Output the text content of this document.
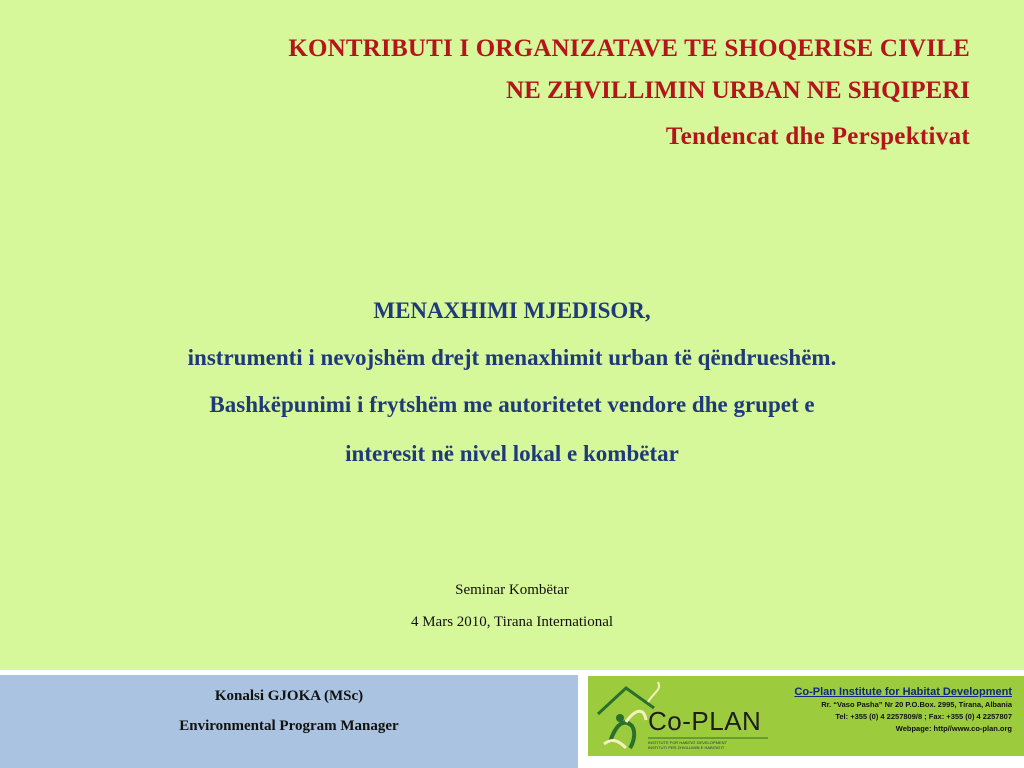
KONTRIBUTI I ORGANIZATAVE TE SHOQERISE CIVILE
NE ZHVILLIMIN URBAN NE SHQIPERI
Tendencat dhe Perspektivat
MENAXHIMI MJEDISOR,
instrumenti i nevojshëm drejt menaxhimit urban të qëndrueshëm.
Bashkëpunimi i frytshëm me autoritetet vendore dhe grupet e
interesit në nivel lokal e kombëtar
Seminar Kombëtar
4 Mars 2010, Tirana International
Konalsi GJOKA (MSc)
Environmental Program Manager	Co-PLAN
INSTITUTE FOR HABITAT DEVELOPMENT
INSTITUTI PER ZHVILLIMIN E HABITATIT
Co-Plan Institute for Habitat Development
Rr. “Vaso Pasha” Nr 20 P.O.Box. 2995, Tirana, Albania
Tel: +355 (0) 4 2257809/8 ; Fax: +355 (0) 4 2257807
Webpage: http//www.co-plan.org
